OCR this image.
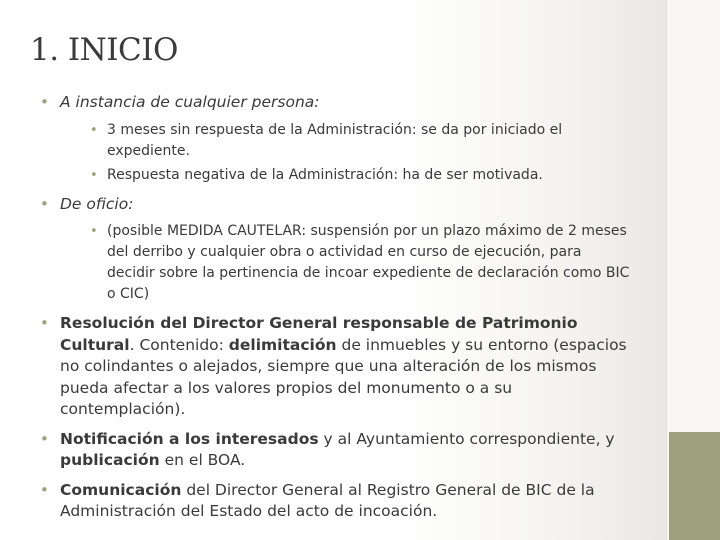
1. INICIO
• A instancia de cualquier persona:
• 3 meses sin respuesta de la Administración: se da por iniciado el expediente.
• Respuesta negativa de la Administración: ha de ser motivada.
• De oficio:
• (posible MEDIDA CAUTELAR: suspensión por un plazo máximo de 2 meses del derribo y cualquier obra o actividad en curso de ejecución, para decidir sobre la pertinencia de incoar expediente de declaración como BIC o CIC)
• Resolución del Director General responsable de Patrimonio Cultural. Contenido: delimitación de inmuebles y su entorno (espacios no colindantes o alejados, siempre que una alteración de los mismos pueda afectar a los valores propios del monumento o a su contemplación).
• Notificación a los interesados y al Ayuntamiento correspondiente, y publicación en el BOA.
• Comunicación del Director General al Registro General de BIC de la Administración del Estado del acto de incoación.
